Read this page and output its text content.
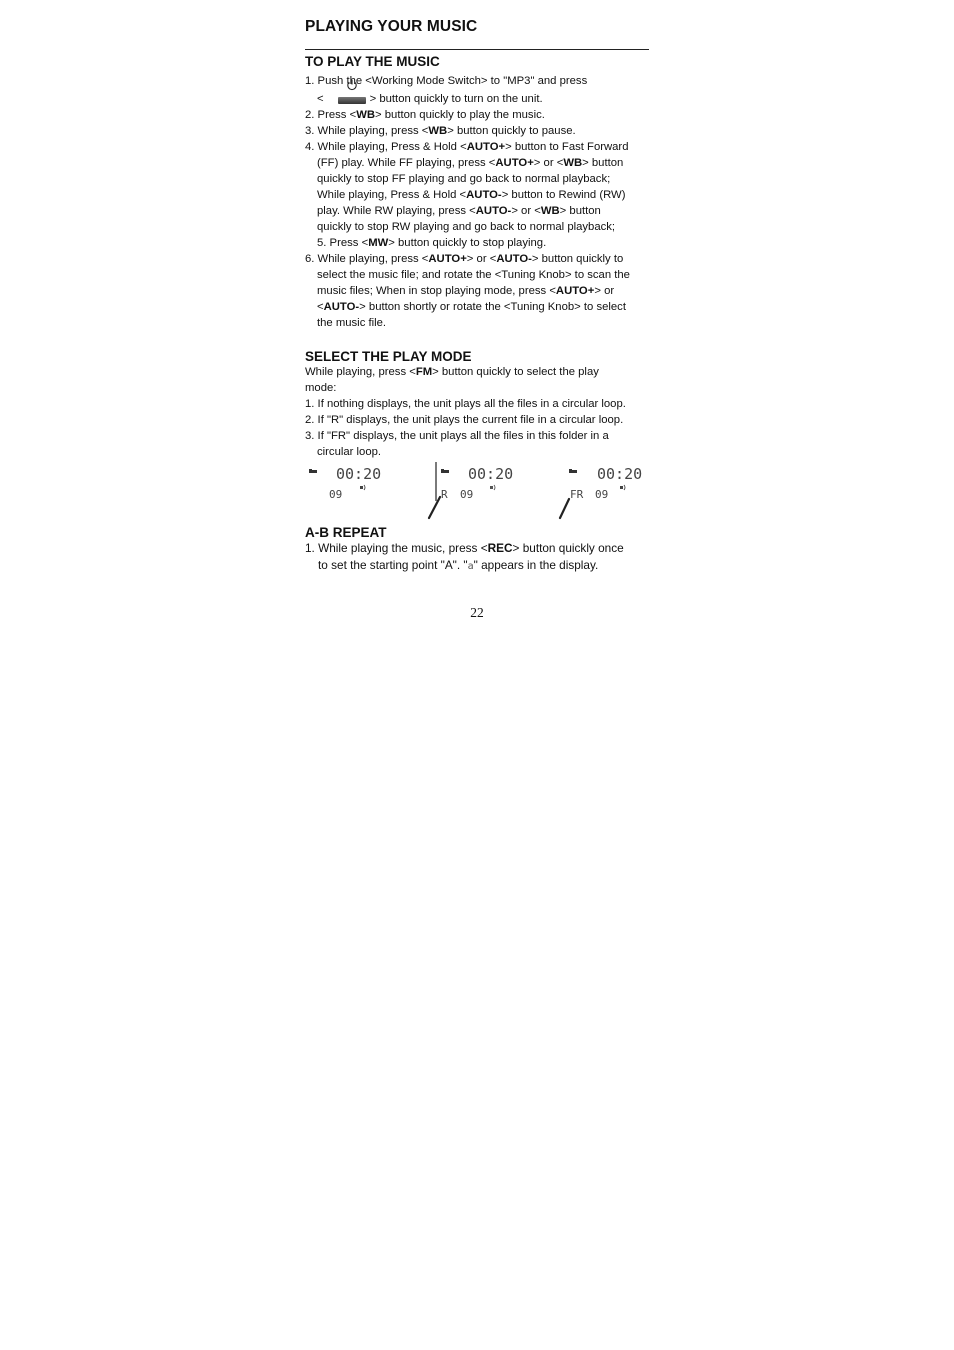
PLAYING YOUR MUSIC
TO PLAY THE MUSIC

1. Push the <Working Mode Switch> to "MP3" and press

<	> button quickly to turn on the unit.

2. Press <WB> button quickly to play the music.

3. While playing, press <WB> button quickly to pause.

4. While playing, Press & Hold <AUTO+> button to Fast Forward

(FF) play. While FF playing, press <AUTO+> or <WB> button

quickly to stop FF playing and go back to normal playback;

While playing, Press & Hold <AUTO-> button to Rewind (RW)

play. While RW playing, press <AUTO-> or <WB> button

quickly to stop RW playing and go back to normal playback;

5. Press <MW> button quickly to stop playing.

6. While playing, press <AUTO+> or <AUTO-> button quickly to

select the music file; and rotate the <Tuning Knob> to scan the

music files; When in stop playing mode, press <AUTO+> or

<AUTO-> button shortly or rotate the <Tuning Knob> to select

the music file.

SELECT THE PLAY MODE

While playing, press <FM> button quickly to select the play

mode:

1. If nothing displays, the unit plays all the files in a circular loop.

2. If "R" displays, the unit plays the current file in a circular loop.

3. If "FR" displays, the unit plays all the files in this folder in a

circular loop.

00:20
09
00:20
R 09
00:20
FR 09
A-B REPEAT

1. While playing the music, press <REC> button quickly once

to set the starting point "A". "a" appears in the display.

22
